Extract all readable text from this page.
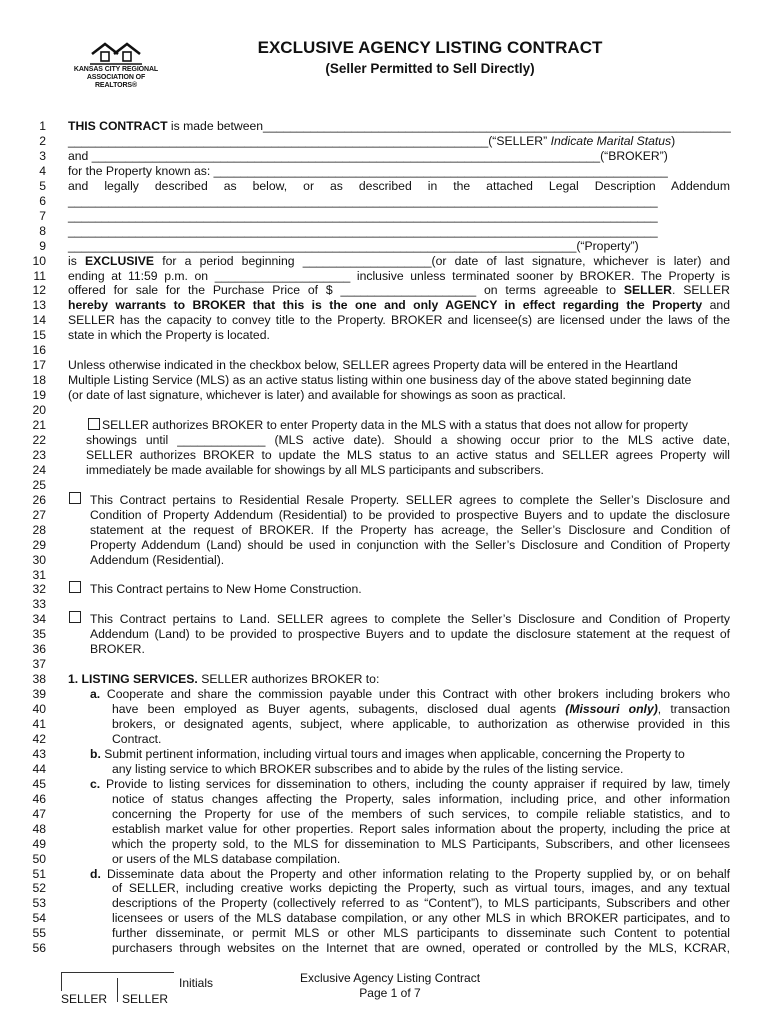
KANSAS CITY REGIONAL
ASSOCIATION OF REALTORS®
EXCLUSIVE AGENCY LISTING CONTRACT
(Seller Permitted to Sell Directly)
1 THIS CONTRACT is made between_____________________________________________________________________
2 ______________________________________________________________(“SELLER” Indicate Marital Status)
3 and ___________________________________________________________________________(“BROKER”)
4 for the Property known as: ___________________________________________________________________
5 and legally described as below, or as described in the attached Legal Description Addendum
6 _______________________________________________________________________________________
7 _______________________________________________________________________________________
8 _______________________________________________________________________________________
9 ___________________________________________________________________________(“Property”)
10 is EXCLUSIVE for a period beginning ___________________(or date of last signature, whichever is later) and
11 ending at 11:59 p.m. on ____________________ inclusive unless terminated sooner by BROKER. The Property is
12 offered for sale for the Purchase Price of $ ____________________ on terms agreeable to SELLER. SELLER
13 hereby warrants to BROKER that this is the one and only AGENCY in effect regarding the Property and
14 SELLER has the capacity to convey title to the Property. BROKER and licensee(s) are licensed under the laws of the
15 state in which the Property is located.
16
17 Unless otherwise indicated in the checkbox below, SELLER agrees Property data will be entered in the Heartland
18 Multiple Listing Service (MLS) as an active status listing within one business day of the above stated beginning date
19 (or date of last signature, whichever is later) and available for showings as soon as practical.
20
21	SELLER authorizes BROKER to enter Property data in the MLS with a status that does not allow for property
22	showings until _____________ (MLS active date). Should a showing occur prior to the MLS active date,
23	SELLER authorizes BROKER to update the MLS status to an active status and SELLER agrees Property will
24	immediately be made available for showings by all MLS participants and subscribers.
25
26	This Contract pertains to Residential Resale Property. SELLER agrees to complete the Seller’s Disclosure and
27	Condition of Property Addendum (Residential) to be provided to prospective Buyers and to update the disclosure
28	statement at the request of BROKER. If the Property has acreage, the Seller’s Disclosure and Condition of
29	Property Addendum (Land) should be used in conjunction with the Seller’s Disclosure and Condition of Property
30	Addendum (Residential).
31
32	This Contract pertains to New Home Construction.
33
34	This Contract pertains to Land. SELLER agrees to complete the Seller’s Disclosure and Condition of Property
35	Addendum (Land) to be provided to prospective Buyers and to update the disclosure statement at the request of
36	BROKER.
37
38 1. LISTING SERVICES. SELLER authorizes BROKER to:
39	a. Cooperate and share the commission payable under this Contract with other brokers including brokers who
40	have been employed as Buyer agents, subagents, disclosed dual agents (Missouri only), transaction
41	brokers, or designated agents, subject, where applicable, to authorization as otherwise provided in this
42	Contract.
43	b. Submit pertinent information, including virtual tours and images when applicable, concerning the Property to
44	any listing service to which BROKER subscribes and to abide by the rules of the listing service.
45	c. Provide to listing services for dissemination to others, including the county appraiser if required by law, timely
46	notice of status changes affecting the Property, sales information, including price, and other information
47	concerning the Property for use of the members of such services, to compile reliable statistics, and to
48	establish market value for other properties. Report sales information about the property, including the price at
49	which the property sold, to the MLS for dissemination to MLS Participants, Subscribers, and other licensees
50	or users of the MLS database compilation.
51	d. Disseminate data about the Property and other information relating to the Property supplied by, or on behalf
52	of SELLER, including creative works depicting the Property, such as virtual tours, images, and any textual
53	descriptions of the Property (collectively referred to as “Content”), to MLS participants, Subscribers and other
54	licensees or users of the MLS database compilation, or any other MLS in which BROKER participates, and to
55	further disseminate, or permit MLS or other MLS participants to disseminate such Content to potential
56	purchasers through websites on the Internet that are owned, operated or controlled by the MLS, KCRAR,
Initials
SELLER SELLER
Exclusive Agency Listing Contract
Page 1 of 7
